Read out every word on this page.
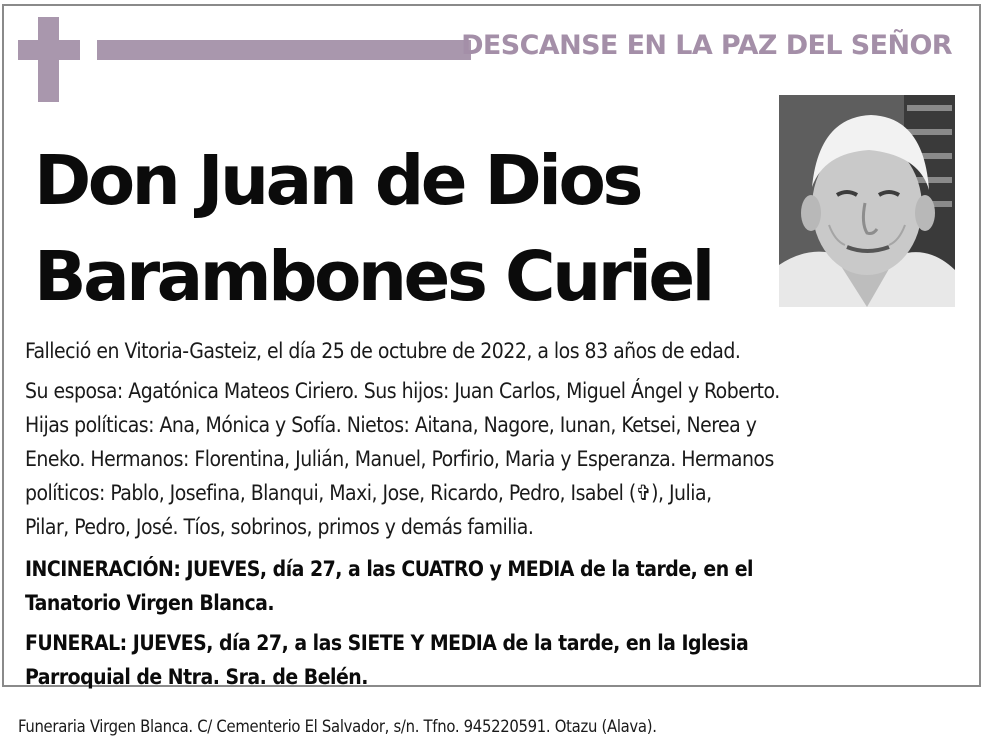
DESCANSE EN LA PAZ DEL SEÑOR
Don Juan de Dios
Barambones Curiel

Falleció en Vitoria-Gasteiz, el día 25 de octubre de 2022, a los 83 años de edad.

Su esposa: Agatónica Mateos Ciriero. Sus hijos: Juan Carlos, Miguel Ángel y Roberto.
Hijas políticas: Ana, Mónica y Sofía. Nietos: Aitana, Nagore, Iunan, Ketsei, Nerea y
Eneko. Hermanos: Florentina, Julián, Manuel, Porfirio, Maria y Esperanza. Hermanos
políticos: Pablo, Josefina, Blanqui, Maxi, Jose, Ricardo, Pedro, Isabel (✞), Julia,
Pilar, Pedro, José. Tíos, sobrinos, primos y demás familia.

INCINERACIÓN: JUEVES, día 27, a las CUATRO y MEDIA de la tarde, en el
Tanatorio Virgen Blanca.

FUNERAL: JUEVES, día 27, a las SIETE Y MEDIA de la tarde, en la Iglesia
Parroquial de Ntra. Sra. de Belén.

Funeraria Virgen Blanca. C/ Cementerio El Salvador, s/n. Tfno. 945220591. Otazu (Alava).
